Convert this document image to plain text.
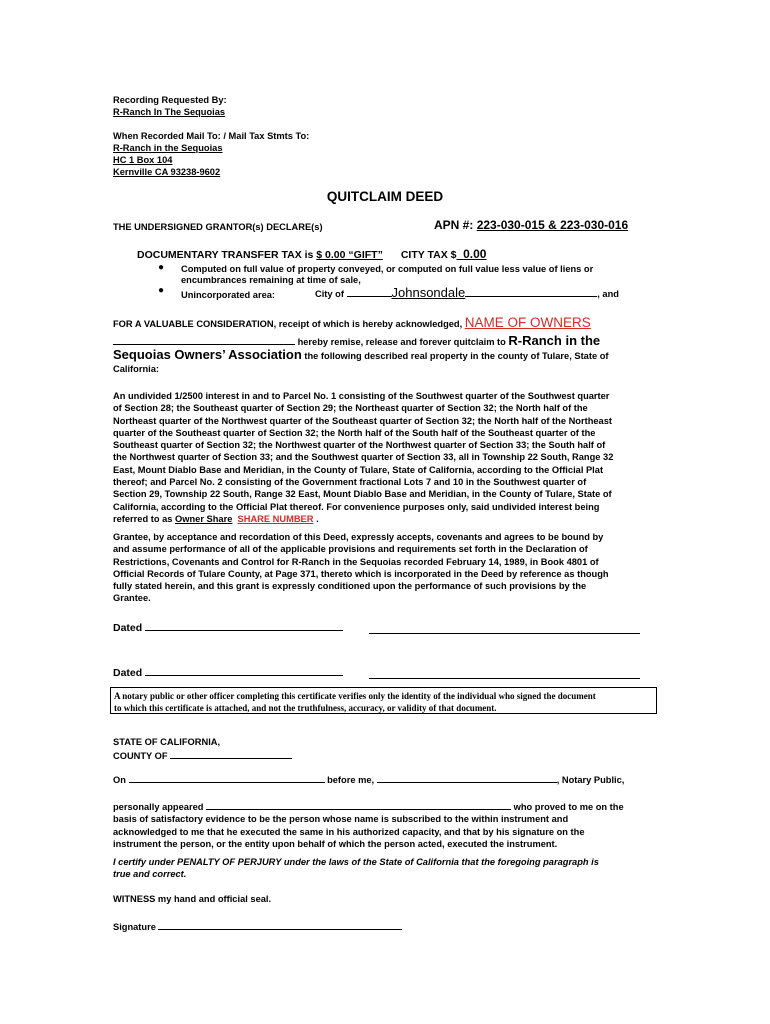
Recording Requested By:
R-Ranch In The Sequoias
When Recorded Mail To: / Mail Tax Stmts To:
R-Ranch in the Sequoias
HC 1 Box 104
Kernville CA 93238-9602
QUITCLAIM DEED
THE UNDERSIGNED GRANTOR(s) DECLARE(s)	APN #: 223-030-015 & 223-030-016
DOCUMENTARY TRANSFER TAX is $ 0.00 “GIFT” CITY TAX $ 0.00
● Computed on full value of property conveyed, or computed on full value less value of liens or
encumbrances remaining at time of sale,
● Unincorporated area:	City of	Johnsondale	, and
FOR A VALUABLE CONSIDERATION, receipt of which is hereby acknowledged, NAME OF OWNERS
hereby remise, release and forever quitclaim to R-Ranch in the
Sequoias Owners’ Association the following described real property in the county of Tulare, State of
California:
An undivided 1/2500 interest in and to Parcel No. 1 consisting of the Southwest quarter of the Southwest quarter
of Section 28; the Southeast quarter of Section 29; the Northeast quarter of Section 32; the North half of the
Northeast quarter of the Northwest quarter of the Southeast quarter of Section 32; the North half of the Northeast
quarter of the Southeast quarter of Section 32; the North half of the South half of the Southeast quarter of the
Southeast quarter of Section 32; the Northwest quarter of the Northwest quarter of Section 33; the South half of
the Northwest quarter of Section 33; and the Southwest quarter of Section 33, all in Township 22 South, Range 32
East, Mount Diablo Base and Meridian, in the County of Tulare, State of California, according to the Official Plat
thereof; and Parcel No. 2 consisting of the Government fractional Lots 7 and 10 in the Southwest quarter of
Section 29, Township 22 South, Range 32 East, Mount Diablo Base and Meridian, in the County of Tulare, State of
California, according to the Official Plat thereof. For convenience purposes only, said undivided interest being
referred to as Owner Share SHARE NUMBER .
Grantee, by acceptance and recordation of this Deed, expressly accepts, covenants and agrees to be bound by
and assume performance of all of the applicable provisions and requirements set forth in the Declaration of
Restrictions, Covenants and Control for R-Ranch in the Sequoias recorded February 14, 1989, in Book 4801 of
Official Records of Tulare County, at Page 371, thereto which is incorporated in the Deed by reference as though
fully stated herein, and this grant is expressly conditioned upon the performance of such provisions by the
Grantee.
Dated
Dated
A notary public or other officer completing this certificate verifies only the identity of the individual who signed the document
to which this certificate is attached, and not the truthfulness, accuracy, or validity of that document.
STATE OF CALIFORNIA,
COUNTY OF
On	before me,	, Notary Public,
personally appeared	who proved to me on the
basis of satisfactory evidence to be the person whose name is subscribed to the within instrument and
acknowledged to me that he executed the same in his authorized capacity, and that by his signature on the
instrument the person, or the entity upon behalf of which the person acted, executed the instrument.
I certify under PENALTY OF PERJURY under the laws of the State of California that the foregoing paragraph is
true and correct.
WITNESS my hand and official seal.
Signature
